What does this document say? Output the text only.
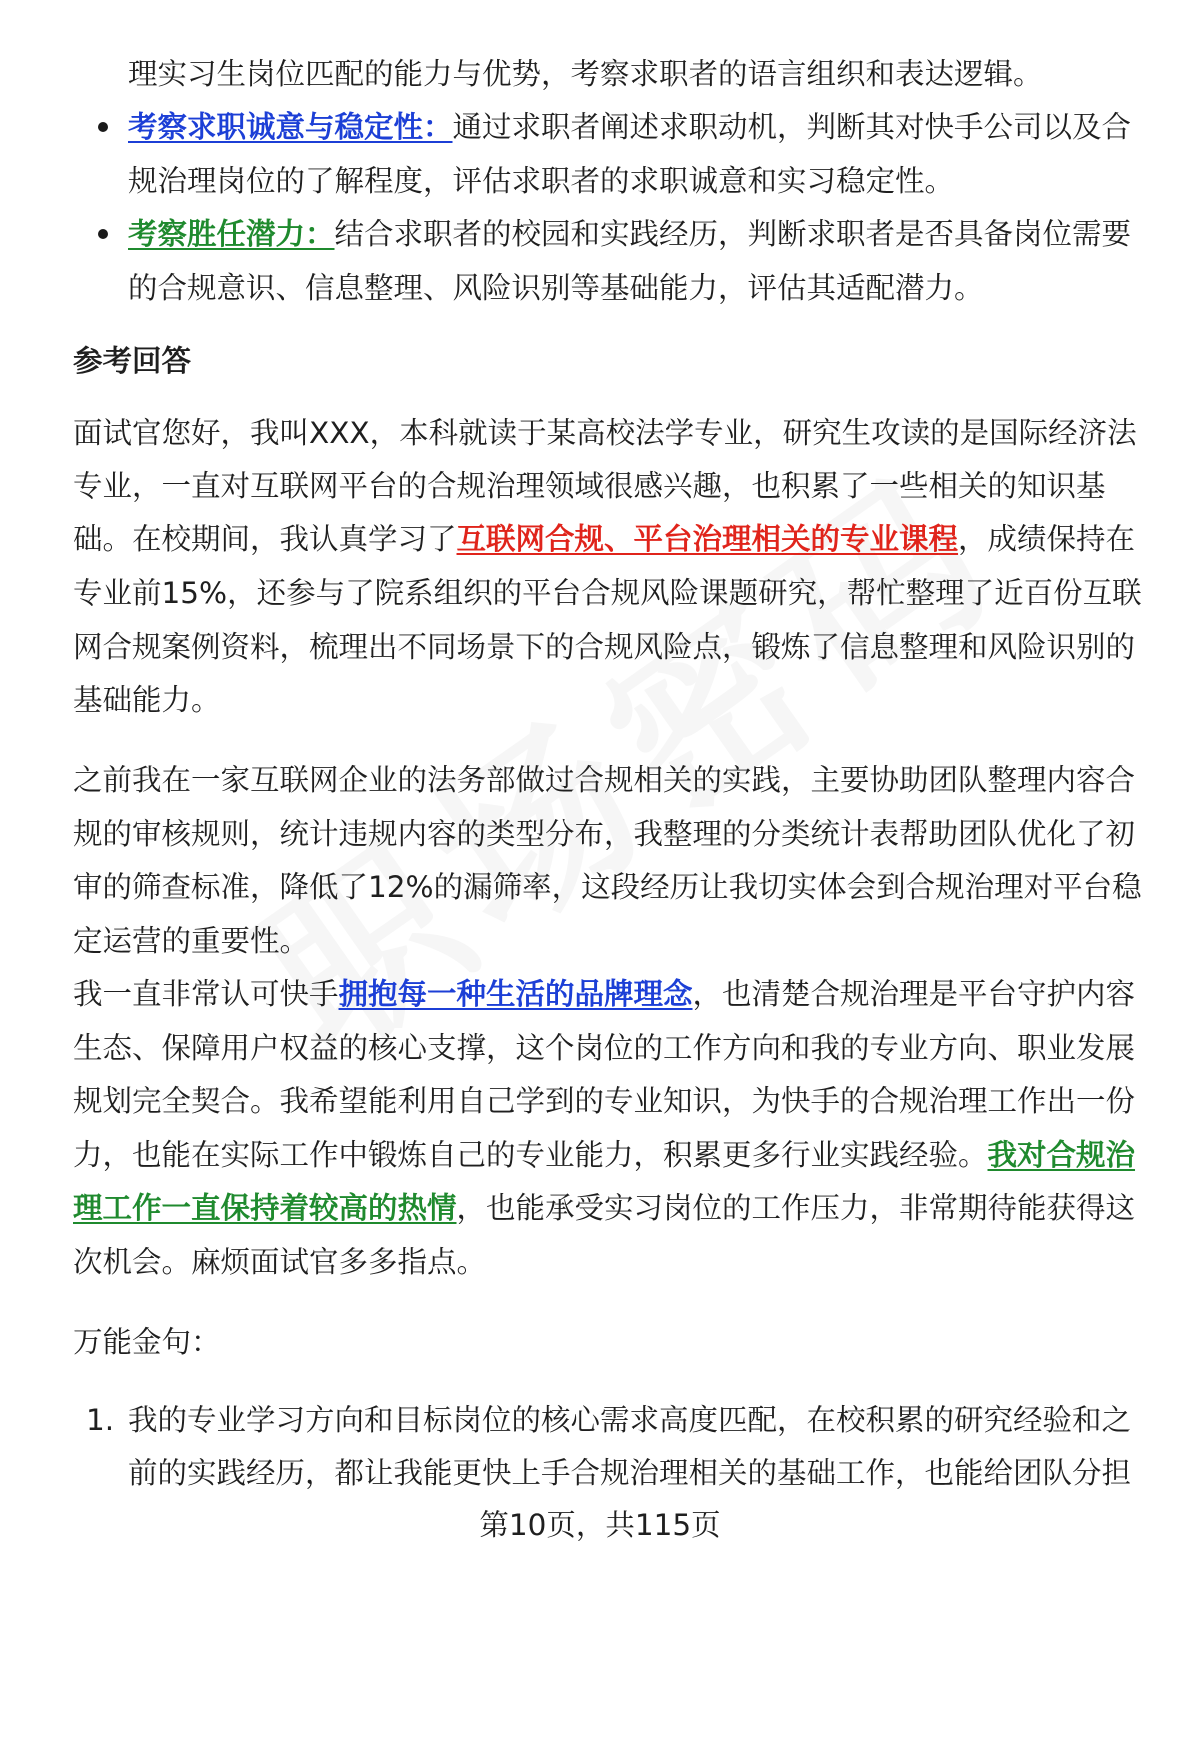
理实习生岗位匹配的能力与优势，考察求职者的语言组织和表达逻辑。
考察求职诚意与稳定性：通过求职者阐述求职动机，判断其对快手公司以及合
规治理岗位的了解程度，评估求职者的求职诚意和实习稳定性。
考察胜任潜力：结合求职者的校园和实践经历，判断求职者是否具备岗位需要
的合规意识、信息整理、风险识别等基础能力，评估其适配潜力。
参考回答
面试官您好，我叫XXX，本科就读于某高校法学专业，研究生攻读的是国际经济法
专业，一直对互联网平台的合规治理领域很感兴趣，也积累了一些相关的知识基
础。在校期间，我认真学习了互联网合规、平台治理相关的专业课程，成绩保持在
专业前15%，还参与了院系组织的平台合规风险课题研究，帮忙整理了近百份互联
网合规案例资料，梳理出不同场景下的合规风险点，锻炼了信息整理和风险识别的
基础能力。
之前我在一家互联网企业的法务部做过合规相关的实践，主要协助团队整理内容合
规的审核规则，统计违规内容的类型分布，我整理的分类统计表帮助团队优化了初
审的筛查标准，降低了12%的漏筛率，这段经历让我切实体会到合规治理对平台稳
定运营的重要性。
我一直非常认可快手拥抱每一种生活的品牌理念，也清楚合规治理是平台守护内容
生态、保障用户权益的核心支撑，这个岗位的工作方向和我的专业方向、职业发展
规划完全契合。我希望能利用自己学到的专业知识，为快手的合规治理工作出一份
力，也能在实际工作中锻炼自己的专业能力，积累更多行业实践经验。我对合规治
理工作一直保持着较高的热情，也能承受实习岗位的工作压力，非常期待能获得这
次机会。麻烦面试官多多指点。
万能金句：
1. 我的专业学习方向和目标岗位的核心需求高度匹配，在校积累的研究经验和之
前的实践经历，都让我能更快上手合规治理相关的基础工作，也能给团队分担
第10页，共115页
